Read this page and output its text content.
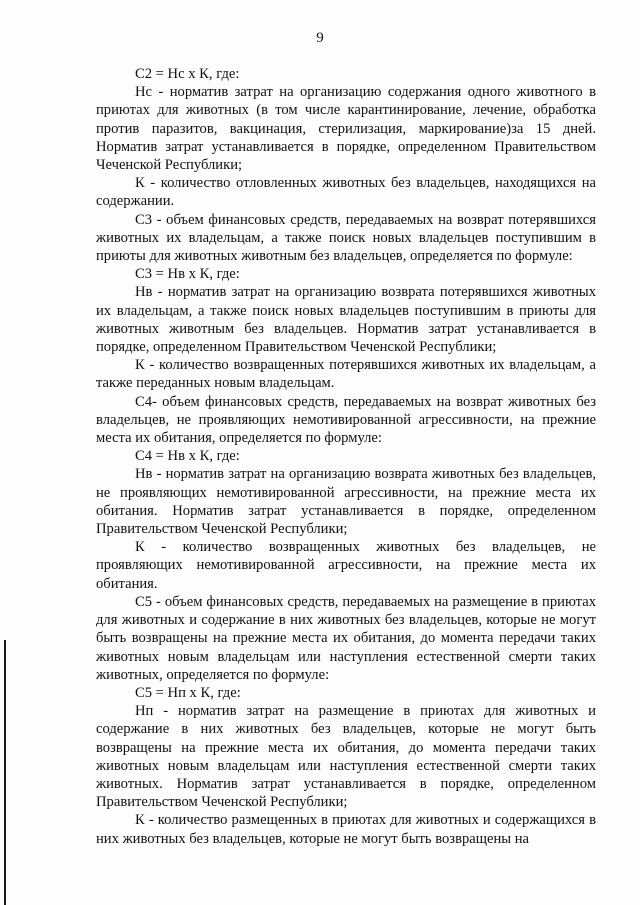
9

С2 = Нс х К, где:

Нс - норматив затрат на организацию содержания одного животного в приютах для животных (в том числе карантинирование, лечение, обработка против паразитов, вакцинация, стерилизация, маркирование)за 15 дней. Норматив затрат устанавливается в порядке, определенном Правительством Чеченской Республики;

К - количество отловленных животных без владельцев, находящихся на содержании.

С3 - объем финансовых средств, передаваемых на возврат потерявшихся животных их владельцам, а также поиск новых владельцев поступившим в приюты для животных животным без владельцев, определяется по формуле:

С3 = Нв х К, где:

Нв - норматив затрат на организацию возврата потерявшихся животных их владельцам, а также поиск новых владельцев поступившим в приюты для животных животным без владельцев. Норматив затрат устанавливается в порядке, определенном Правительством Чеченской Республики;

К - количество возвращенных потерявшихся животных их владельцам, а также переданных новым владельцам.

С4- объем финансовых средств, передаваемых на возврат животных без владельцев, не проявляющих немотивированной агрессивности, на прежние места их обитания, определяется по формуле:

С4 = Нв х К, где:

Нв - норматив затрат на организацию возврата животных без владельцев, не проявляющих немотивированной агрессивности, на прежние места их обитания. Норматив затрат устанавливается в порядке, определенном Правительством Чеченской Республики;

К - количество возвращенных животных без владельцев, не проявляющих немотивированной агрессивности, на прежние места их обитания.

С5 - объем финансовых средств, передаваемых на размещение в приютах для животных и содержание в них животных без владельцев, которые не могут быть возвращены на прежние места их обитания, до момента передачи таких животных новым владельцам или наступления естественной смерти таких животных, определяется по формуле:

С5 = Нп х К, где:

Нп - норматив затрат на размещение в приютах для животных и содержание в них животных без владельцев, которые не могут быть возвращены на прежние места их обитания, до момента передачи таких животных новым владельцам или наступления естественной смерти таких животных. Норматив затрат устанавливается в порядке, определенном Правительством Чеченской Республики;

К - количество размещенных в приютах для животных и содержащихся в них животных без владельцев, которые не могут быть возвращены на
